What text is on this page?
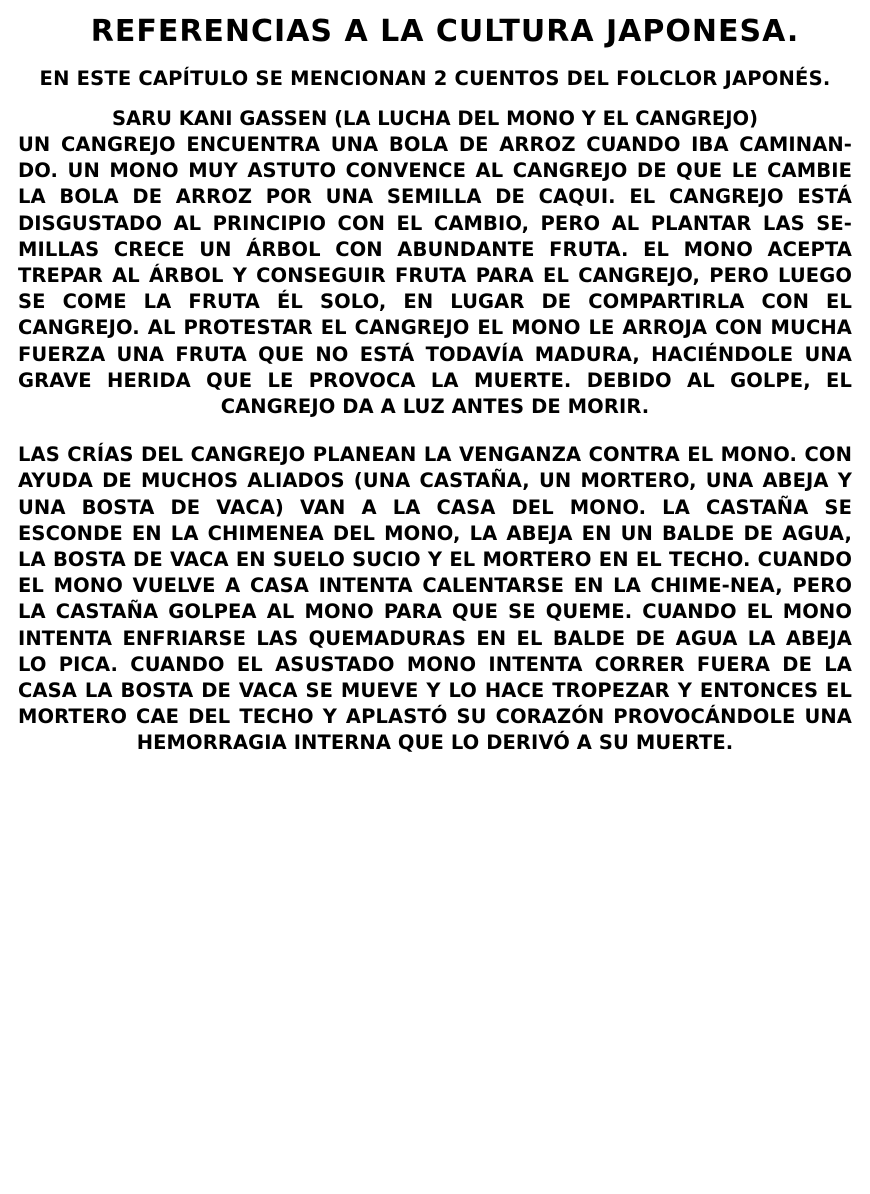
REFERENCIAS A LA CULTURA JAPONESA.

EN ESTE CAPÍTULO SE MENCIONAN 2 CUENTOS DEL FOLCLOR JAPONÉS.

SARU KANI GASSEN (LA LUCHA DEL MONO Y EL CANGREJO)

UN CANGREJO ENCUENTRA UNA BOLA DE ARROZ CUANDO IBA CAMINAN-DO. UN MONO MUY ASTUTO CONVENCE AL CANGREJO DE QUE LE CAMBIE LA BOLA DE ARROZ POR UNA SEMILLA DE CAQUI. EL CANGREJO ESTÁ DISGUSTADO AL PRINCIPIO CON EL CAMBIO, PERO AL PLANTAR LAS SE-MILLAS CRECE UN ÁRBOL CON ABUNDANTE FRUTA. EL MONO ACEPTA TREPAR AL ÁRBOL Y CONSEGUIR FRUTA PARA EL CANGREJO, PERO LUEGO SE COME LA FRUTA ÉL SOLO, EN LUGAR DE COMPARTIRLA CON EL CANGREJO. AL PROTESTAR EL CANGREJO EL MONO LE ARROJA CON MUCHA FUERZA UNA FRUTA QUE NO ESTÁ TODAVÍA MADURA, HACIÉNDOLE UNA GRAVE HERIDA QUE LE PROVOCA LA MUERTE. DEBIDO AL GOLPE, EL CANGREJO DA A LUZ ANTES DE MORIR.

LAS CRÍAS DEL CANGREJO PLANEAN LA VENGANZA CONTRA EL MONO. CON AYUDA DE MUCHOS ALIADOS (UNA CASTAÑA, UN MORTERO, UNA ABEJA Y UNA BOSTA DE VACA) VAN A LA CASA DEL MONO. LA CASTAÑA SE ESCONDE EN LA CHIMENEA DEL MONO, LA ABEJA EN UN BALDE DE AGUA, LA BOSTA DE VACA EN SUELO SUCIO Y EL MORTERO EN EL TECHO. CUANDO EL MONO VUELVE A CASA INTENTA CALENTARSE EN LA CHIME-NEA, PERO LA CASTAÑA GOLPEA AL MONO PARA QUE SE QUEME. CUANDO EL MONO INTENTA ENFRIARSE LAS QUEMADURAS EN EL BALDE DE AGUA LA ABEJA LO PICA. CUANDO EL ASUSTADO MONO INTENTA CORRER FUERA DE LA CASA LA BOSTA DE VACA SE MUEVE Y LO HACE TROPEZAR Y ENTONCES EL MORTERO CAE DEL TECHO Y APLASTÓ SU CORAZÓN PROVOCÁNDOLE UNA HEMORRAGIA INTERNA QUE LO DERIVÓ A SU MUERTE.
